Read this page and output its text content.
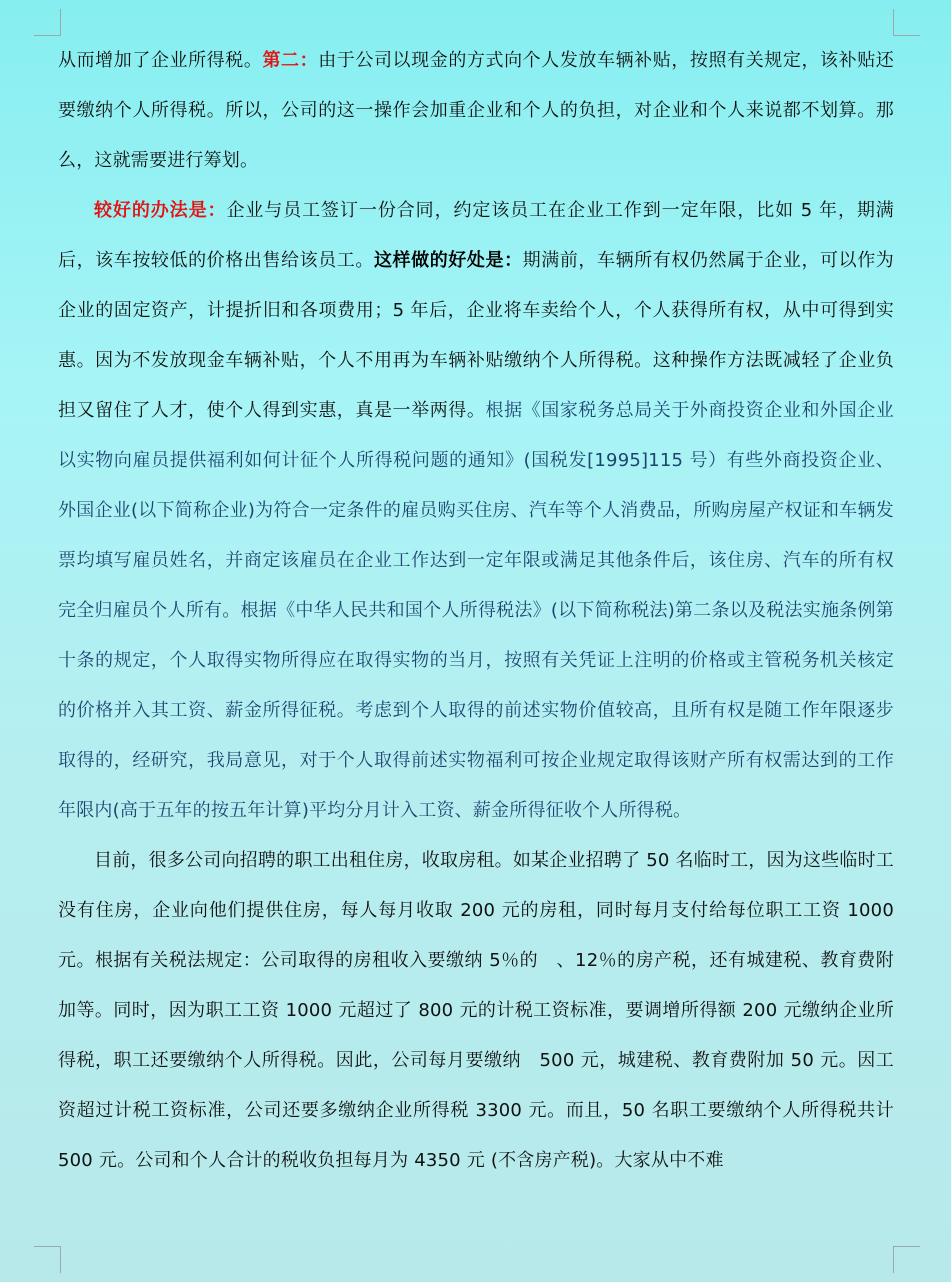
从而增加了企业所得税。第二：由于公司以现金的方式向个人发放车辆补贴，按照有关规定，该补贴还要缴纳个人所得税。所以，公司的这一操作会加重企业和个人的负担，对企业和个人来说都不划算。那么，这就需要进行筹划。

较好的办法是：企业与员工签订一份合同，约定该员工在企业工作到一定年限，比如 5 年，期满后，该车按较低的价格出售给该员工。这样做的好处是：期满前，车辆所有权仍然属于企业，可以作为企业的固定资产，计提折旧和各项费用；5 年后，企业将车卖给个人，个人获得所有权，从中可得到实惠。因为不发放现金车辆补贴，个人不用再为车辆补贴缴纳个人所得税。这种操作方法既减轻了企业负担又留住了人才，使个人得到实惠，真是一举两得。根据《国家税务总局关于外商投资企业和外国企业以实物向雇员提供福利如何计征个人所得税问题的通知》(国税发[1995]115 号）有些外商投资企业、外国企业(以下简称企业)为符合一定条件的雇员购买住房、汽车等个人消费品，所购房屋产权证和车辆发票均填写雇员姓名，并商定该雇员在企业工作达到一定年限或满足其他条件后，该住房、汽车的所有权完全归雇员个人所有。根据《中华人民共和国个人所得税法》(以下简称税法)第二条以及税法实施条例第十条的规定，个人取得实物所得应在取得实物的当月，按照有关凭证上注明的价格或主管税务机关核定的价格并入其工资、薪金所得征税。考虑到个人取得的前述实物价值较高，且所有权是随工作年限逐步取得的，经研究，我局意见，对于个人取得前述实物福利可按企业规定取得该财产所有权需达到的工作年限内(高于五年的按五年计算)平均分月计入工资、薪金所得征收个人所得税。

目前，很多公司向招聘的职工出租住房，收取房租。如某企业招聘了 50 名临时工，因为这些临时工没有住房，企业向他们提供住房，每人每月收取 200 元的房租，同时每月支付给每位职工工资 1000 元。根据有关税法规定：公司取得的房租收入要缴纳 5％的　、12％的房产税，还有城建税、教育费附加等。同时，因为职工工资 1000 元超过了 800 元的计税工资标准，要调增所得额 200 元缴纳企业所得税，职工还要缴纳个人所得税。因此，公司每月要缴纳　500 元，城建税、教育费附加 50 元。因工资超过计税工资标准，公司还要多缴纳企业所得税 3300 元。而且，50 名职工要缴纳个人所得税共计 500 元。公司和个人合计的税收负担每月为 4350 元 (不含房产税)。大家从中不难
